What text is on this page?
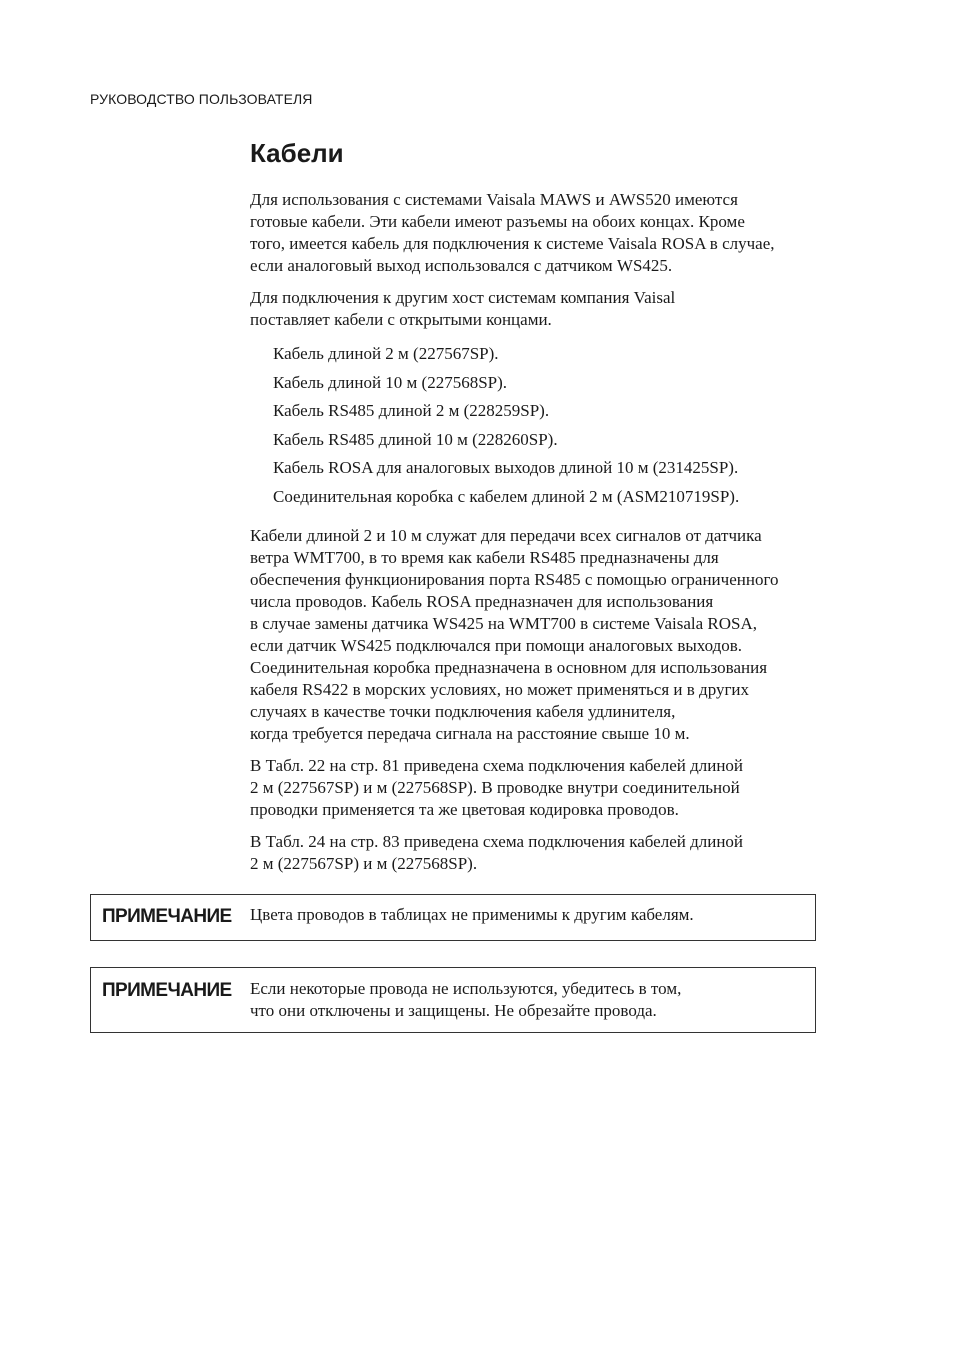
РУКОВОДСТВО ПОЛЬЗОВАТЕЛЯ
Кабели

Для использования с системами Vaisala MAWS и AWS520 имеются
готовые кабели. Эти кабели имеют разъемы на обоих концах. Кроме
того, имеется кабель для подключения к системе Vaisala ROSA в случае,
если аналоговый выход использовался с датчиком WS425.

Для подключения к другим хост системам компания Vaisal
поставляет кабели с открытыми концами.

Кабель длиной 2 м (227567SP).
Кабель длиной 10 м (227568SP).
Кабель RS485 длиной 2 м (228259SP).
Кабель RS485 длиной 10 м (228260SP).
Кабель ROSA для аналоговых выходов длиной 10 м (231425SP).
Соединительная коробка с кабелем длиной 2 м (ASM210719SP).

Кабели длиной 2 и 10 м служат для передачи всех сигналов от датчика
ветра WMT700, в то время как кабели RS485 предназначены для
обеспечения функционирования порта RS485 с помощью ограниченного
числа проводов. Кабель ROSA предназначен для использования
в случае замены датчика WS425 на WMT700 в системе Vaisala ROSA,
если датчик WS425 подключался при помощи аналоговых выходов.
Соединительная коробка предназначена в основном для использования
кабеля RS422 в морских условиях, но может применяться и в других
случаях в качестве точки подключения кабеля удлинителя,
когда требуется передача сигнала на расстояние свыше 10 м.

В Табл. 22 на стр. 81 приведена схема подключения кабелей длиной
2 м (227567SP) и м (227568SP). В проводке внутри соединительной
проводки применяется та же цветовая кодировка проводов.

В Табл. 24 на стр. 83 приведена схема подключения кабелей длиной
2 м (227567SP) и м (227568SP).

ПРИМЕЧАНИЕ Цвета проводов в таблицах не применимы к другим кабелям.
ПРИМЕЧАНИЕ Если некоторые провода не используются, убедитесь в том,
что они отключены и защищены. Не обрезайте провода.
